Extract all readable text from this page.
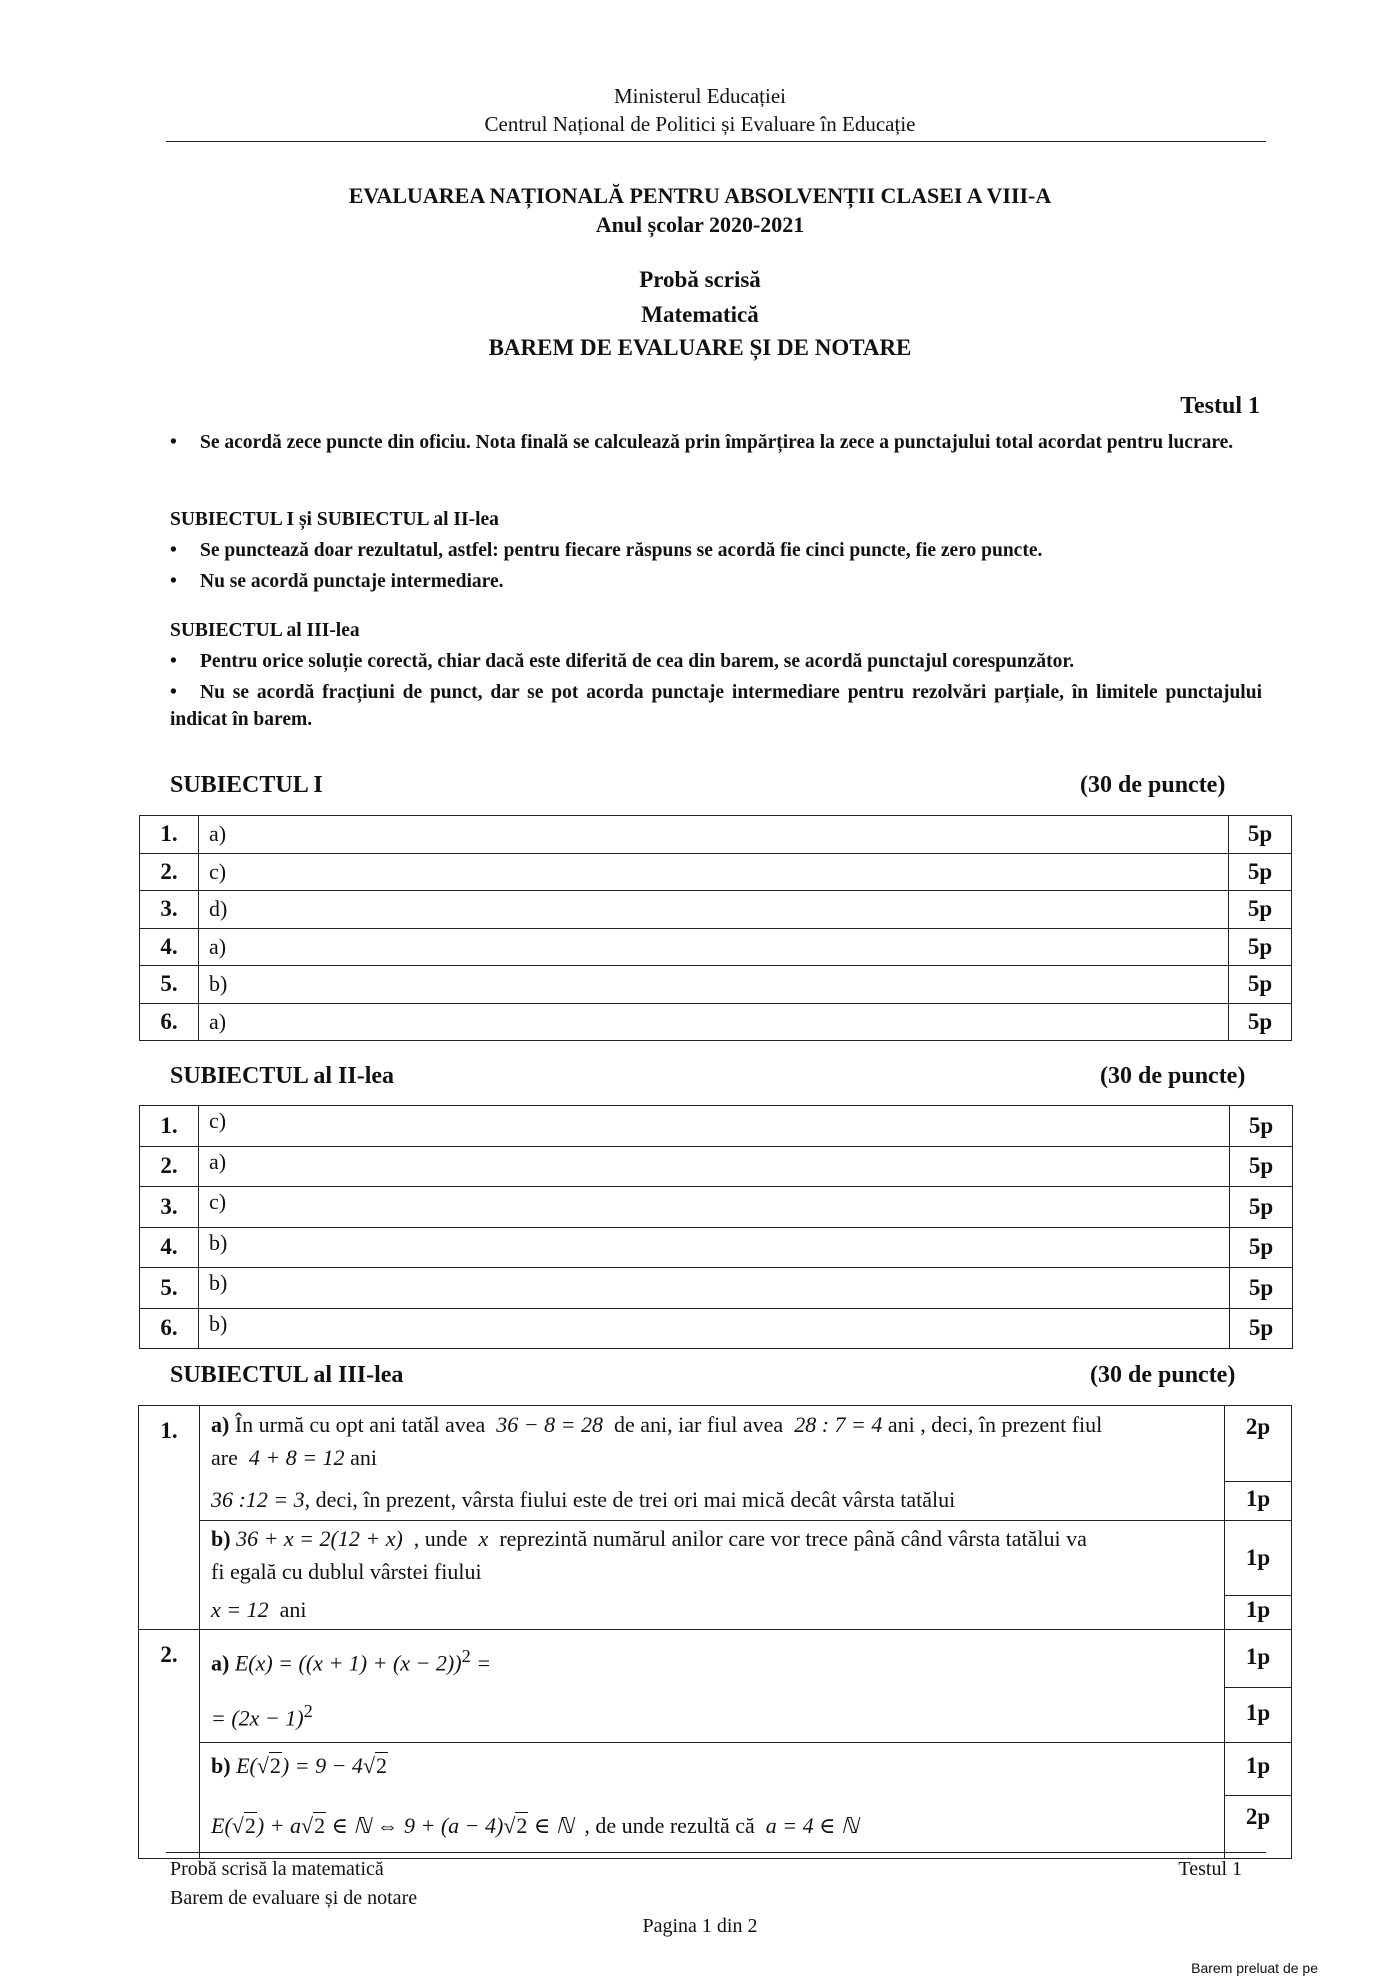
Ministerul Educației
Centrul Național de Politici și Evaluare în Educație
EVALUAREA NAȚIONALĂ PENTRU ABSOLVENȚII CLASEI A VIII-A
Anul școlar 2020-2021
Probă scrisă
Matematică
BAREM DE EVALUARE ȘI DE NOTARE
Testul 1
• Se acordă zece puncte din oficiu. Nota finală se calculează prin împărțirea la zece a punctajului total acordat pentru lucrare.
SUBIECTUL I și SUBIECTUL al II-lea
• Se punctează doar rezultatul, astfel: pentru fiecare răspuns se acordă fie cinci puncte, fie zero puncte.
• Nu se acordă punctaje intermediare.
SUBIECTUL al III-lea
• Pentru orice soluție corectă, chiar dacă este diferită de cea din barem, se acordă punctajul corespunzător.
• Nu se acordă fracțiuni de punct, dar se pot acorda punctaje intermediare pentru rezolvări parțiale, în limitele punctajului indicat în barem.
SUBIECTUL I	(30 de puncte)
1.	a)	5p
2.	c)	5p
3.	d)	5p
4.	a)	5p
5.	b)	5p
6.	a)	5p
SUBIECTUL al II-lea	(30 de puncte)
1.	c)	5p
2.	a)	5p
3.	c)	5p
4.	b)	5p
5.	b)	5p
6.	b)	5p
SUBIECTUL al III-lea	(30 de puncte)
1.	a) În urmă cu opt ani tatăl avea 36 − 8 = 28 de ani, iar fiul avea 28 : 7 = 4 ani , deci, în prezent fiul
are 4 + 8 = 12 ani	2p

	36 :12 = 3, deci, în prezent, vârsta fiului este de trei ori mai mică decât vârsta tatălui	1p

	b) 36 + x = 2(12 + x) , unde x reprezintă numărul anilor care vor trece până când vârsta tatălui va
fi egală cu dublul vârstei fiului	1p

	x = 12 ani	1p
2.	a) $E(x) = ((x + 1) + (x - 2))^2$ =	1p

	= $(2x - 1)^2$	1p

	b) E(√2) = 9 − 4√2	1p

	E(√2) + a√2 ∈ ℕ ⇔ 9 + (a − 4)√2 ∈ ℕ , de unde rezultă că a = 4 ∈ ℕ	2p
Probă scrisă la matematică
Barem de evaluare și de notare
Testul 1
Pagina 1 din 2
Barem preluat de pe
